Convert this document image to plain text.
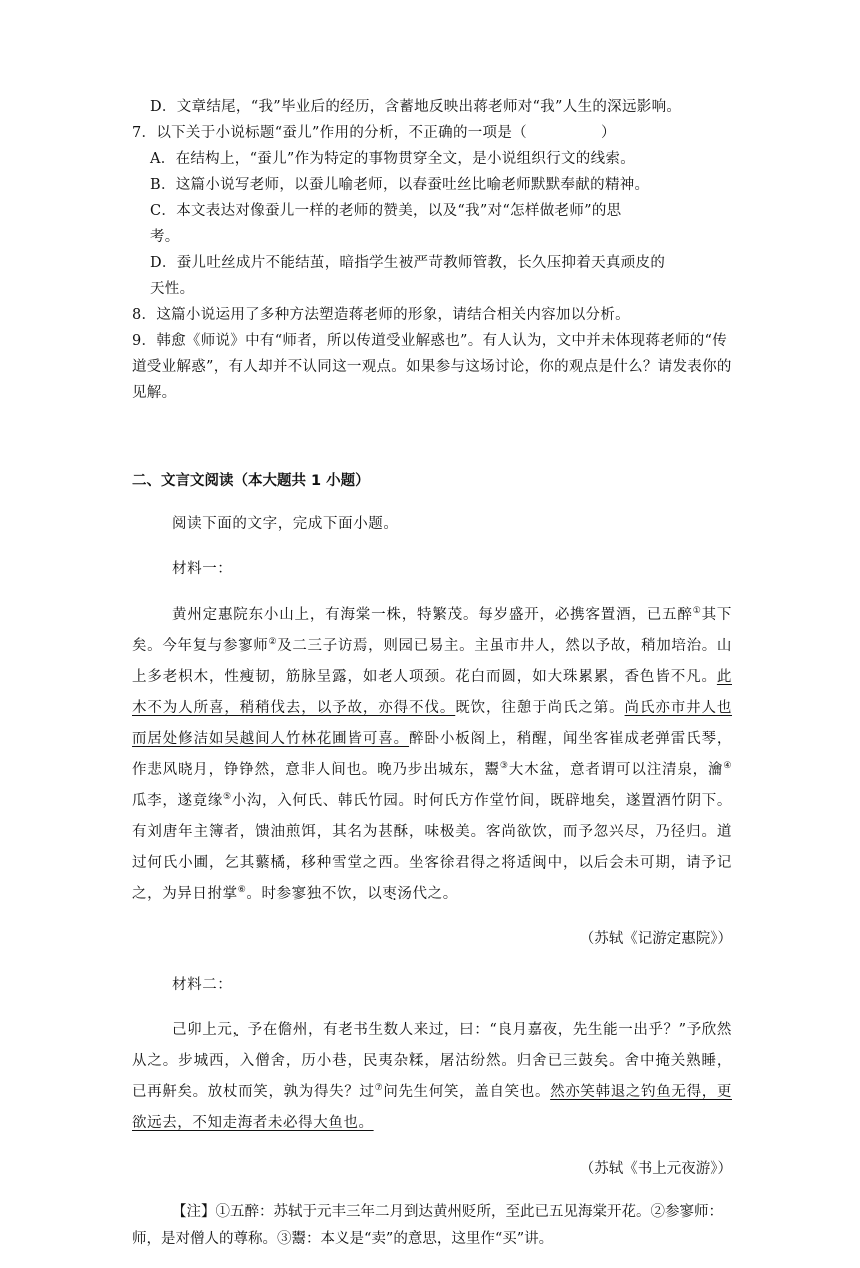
D．文章结尾，“我”毕业后的经历，含蓄地反映出蒋老师对“我”人生的深远影响。

7．以下关于小说标题“蚕儿”作用的分析，不正确的一项是（	）

A．在结构上，“蚕儿”作为特定的事物贯穿全文，是小说组织行文的线索。

B．这篇小说写老师，以蚕儿喻老师，以春蚕吐丝比喻老师默默奉献的精神。

C．本文表达对像蚕儿一样的老师的赞美，以及“我”对“怎样做老师”的思

考。

D．蚕儿吐丝成片不能结茧，暗指学生被严苛教师管教，长久压抑着天真顽皮的

天性。

8．这篇小说运用了多种方法塑造蒋老师的形象，请结合相关内容加以分析。

9．韩愈《师说》中有“师者，所以传道受业解惑也”。有人认为，文中并未体现蒋老师的“传道受业解惑”，有人却并不认同这一观点。如果参与这场讨论，你的观点是什么？请发表你的见解。

二、文言文阅读（本大题共 1 小题）

阅读下面的文字，完成下面小题。

材料一：

黄州定惠院东小山上，有海棠一株，特繁茂。每岁盛开，必携客置酒，已五醉①其下矣。今年复与参寥师②及二三子访焉，则园已易主。主虽市井人，然以予故，稍加培治。山上多老枳木，性瘦韧，筋脉呈露，如老人项颈。花白而圆，如大珠累累，香色皆不凡。此木不为人所喜，稍稍伐去，以予故，亦得不伐。既饮，往憩于尚氏之第。尚氏亦市井人也而居处修洁如吴越间人竹林花圃皆可喜。醉卧小板阁上，稍醒，闻坐客崔成老弹雷氏琴，作悲风晓月，铮铮然，意非人间也。晚乃步出城东，鬻③大木盆，意者谓可以注清泉，瀹④瓜李，遂竟缘⑤小沟，入何氏、韩氏竹园。时何氏方作堂竹间，既辟地矣，遂置酒竹阴下。有刘唐年主簿者，馈油煎饵，其名为甚酥，味极美。客尚欲饮，而予忽兴尽，乃径归。道过何氏小圃，乞其蘩橘，移种雪堂之西。坐客徐君得之将适闽中，以后会未可期，请予记之，为异日拊掌⑥。时参寥独不饮，以枣汤代之。

（苏轼《记游定惠院》）

材料二：

己卯上元，予在儋州，有老书生数人来过，曰：“良月嘉夜，先生能一出乎？”予欣然从之。步城西，入僧舍，历小巷，民夷杂糅，屠沽纷然。归舍已三鼓矣。舍中掩关熟睡，已再鼾矣。放杖而笑，孰为得失？过⑦问先生何笑，盖自笑也。然亦笑韩退之钓鱼无得，更欲远去，不知走海者未必得大鱼也。

（苏轼《书上元夜游》）

【注】①五醉：苏轼于元丰三年二月到达黄州贬所，至此已五见海棠开花。②参寥师：师，是对僧人的尊称。③鬻：本义是“卖”的意思，这里作“买”讲。
